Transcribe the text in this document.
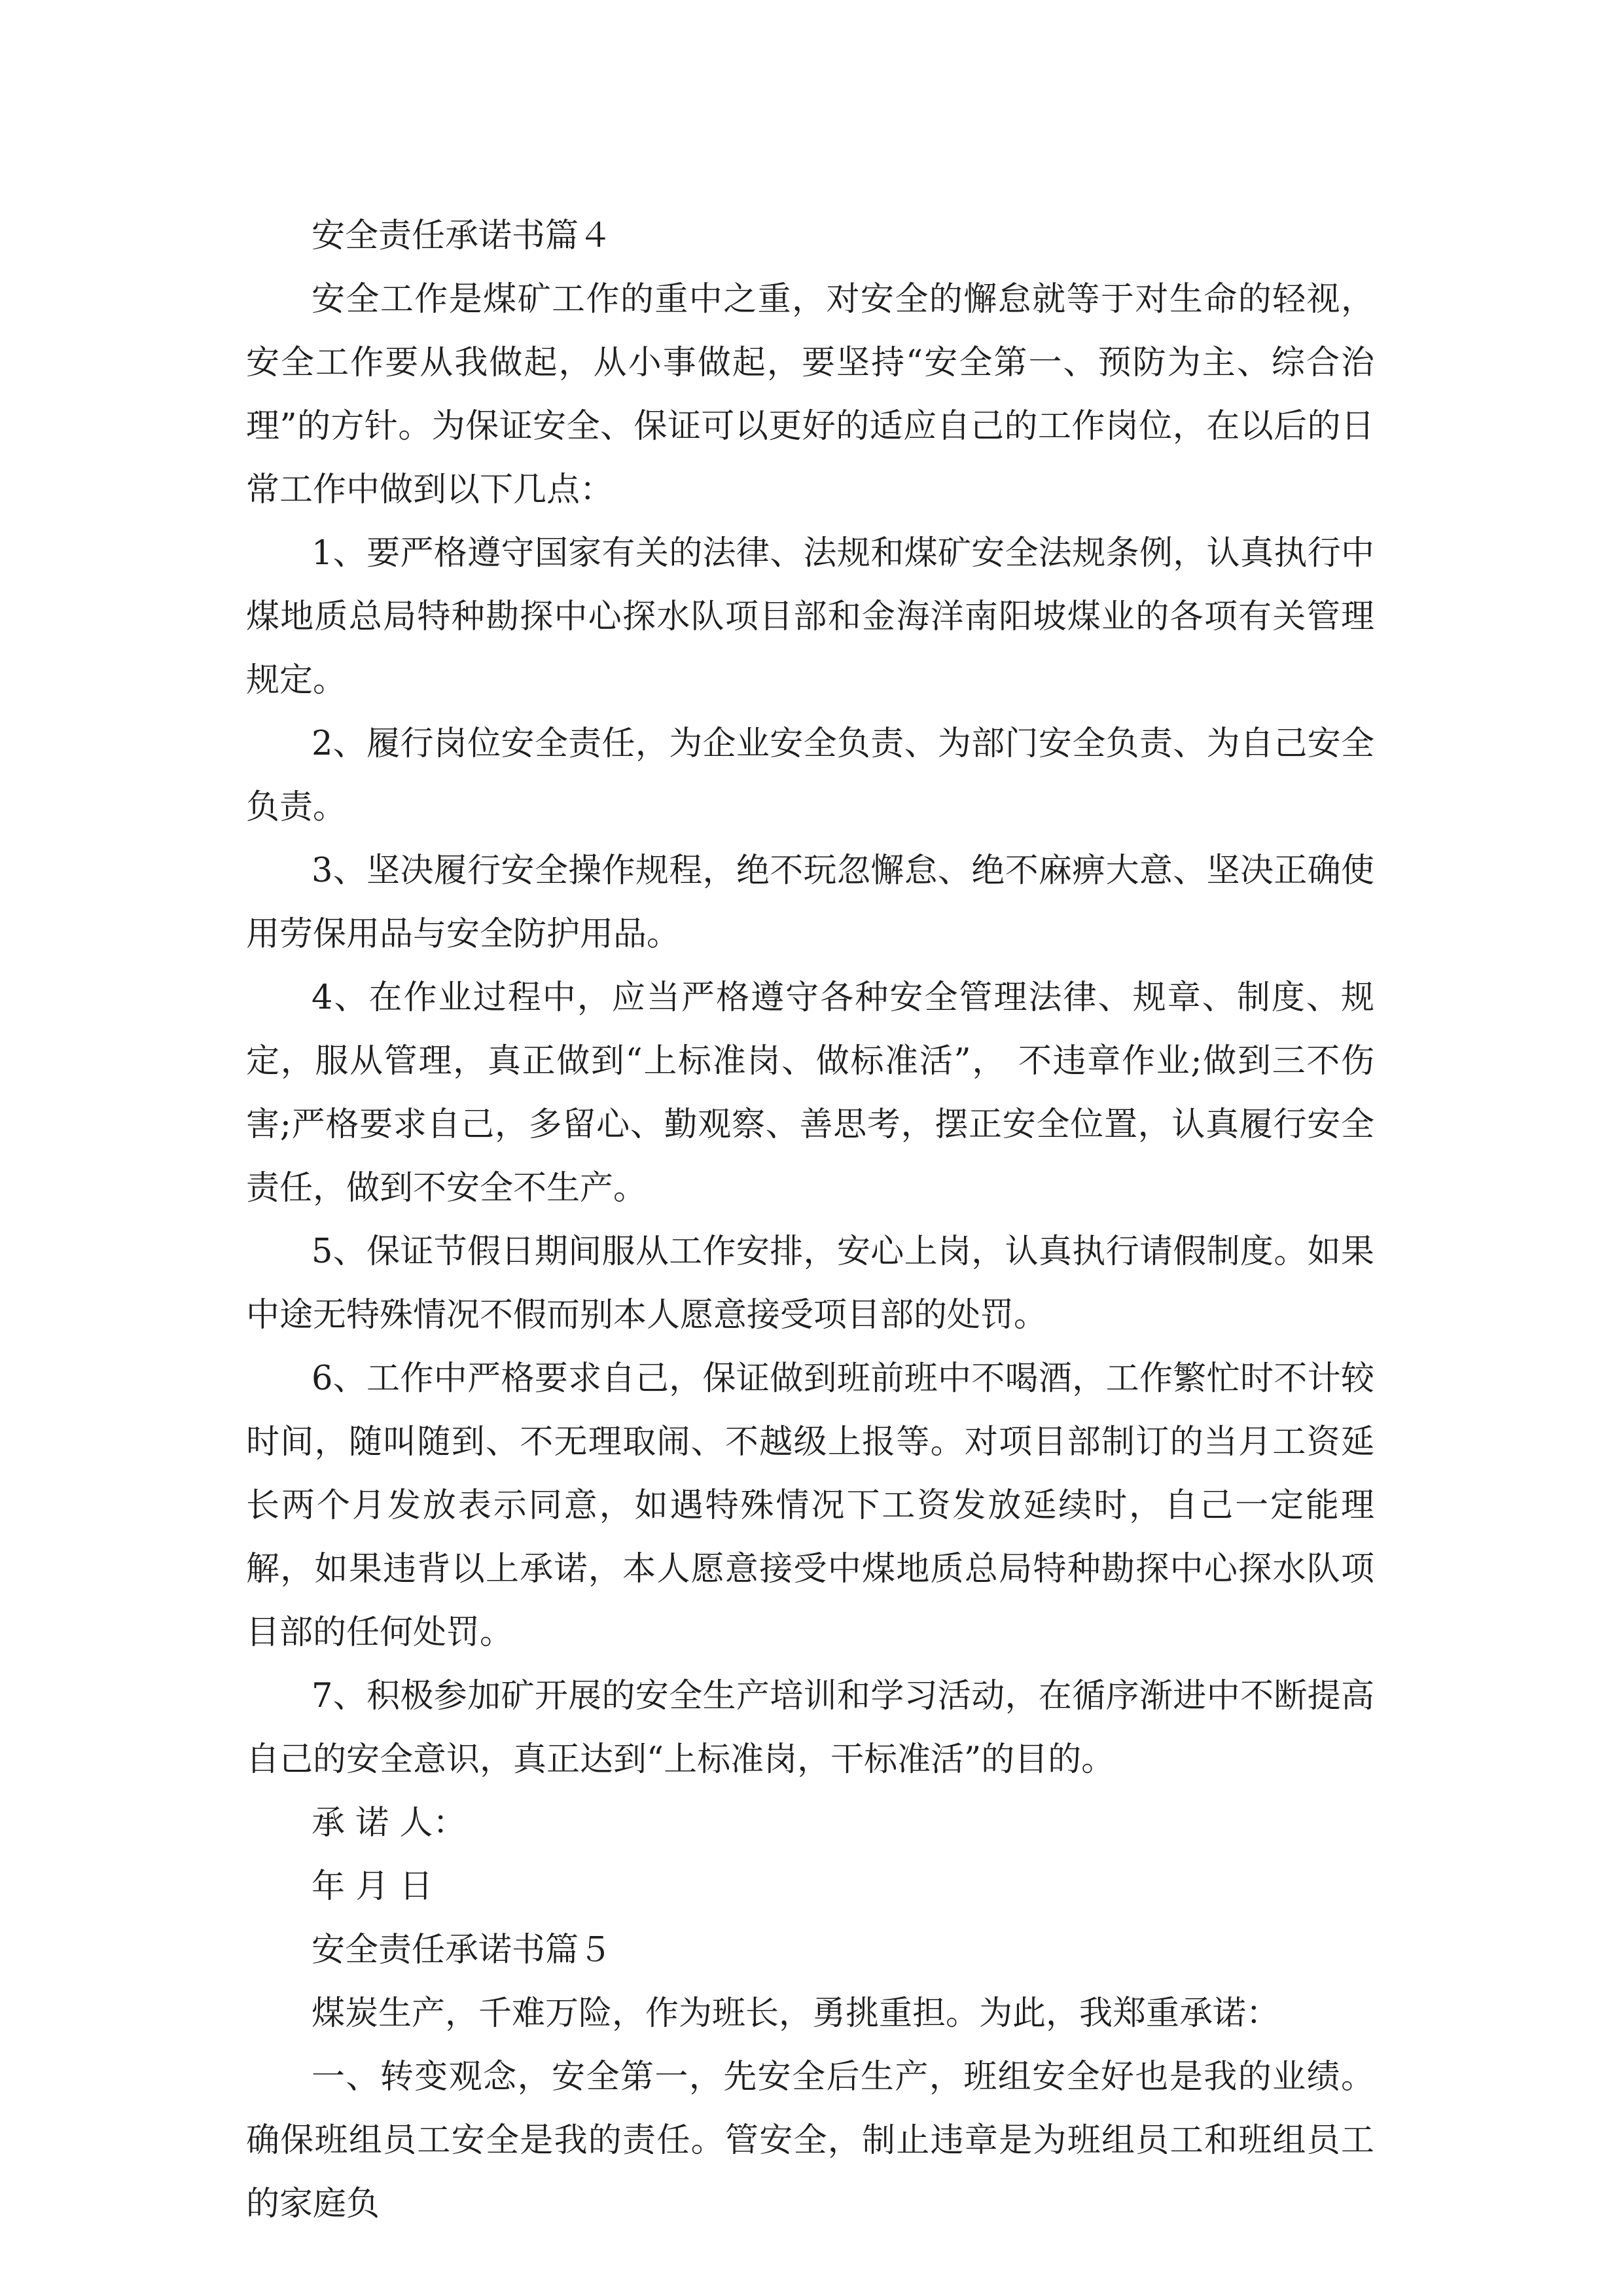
安全责任承诺书篇４

安全工作是煤矿工作的重中之重，对安全的懈怠就等于对生命的轻视，安全工作要从我做起，从小事做起，要坚持“安全第一、预防为主、综合治理”的方针。为保证安全、保证可以更好的适应自己的工作岗位，在以后的日常工作中做到以下几点：

1、要严格遵守国家有关的法律、法规和煤矿安全法规条例，认真执行中煤地质总局特种勘探中心探水队项目部和金海洋南阳坡煤业的各项有关管理规定。

2、履行岗位安全责任，为企业安全负责、为部门安全负责、为自己安全负责。

3、坚决履行安全操作规程，绝不玩忽懈怠、绝不麻痹大意、坚决正确使用劳保用品与安全防护用品。

4、在作业过程中，应当严格遵守各种安全管理法律、规章、制度、规定，服从管理，真正做到“上标准岗、做标准活”， 不违章作业;做到三不伤害;严格要求自己，多留心、勤观察、善思考，摆正安全位置，认真履行安全责任，做到不安全不生产。

5、保证节假日期间服从工作安排，安心上岗，认真执行请假制度。如果中途无特殊情况不假而别本人愿意接受项目部的处罚。

6、工作中严格要求自己，保证做到班前班中不喝酒，工作繁忙时不计较时间，随叫随到、不无理取闹、不越级上报等。对项目部制订的当月工资延长两个月发放表示同意，如遇特殊情况下工资发放延续时，自己一定能理解，如果违背以上承诺，本人愿意接受中煤地质总局特种勘探中心探水队项目部的任何处罚。

7、积极参加矿开展的安全生产培训和学习活动，在循序渐进中不断提高自己的安全意识，真正达到“上标准岗，干标准活”的目的。

承 诺 人：

年 月 日

安全责任承诺书篇５

煤炭生产，千难万险，作为班长，勇挑重担。为此，我郑重承诺：

一、转变观念，安全第一，先安全后生产，班组安全好也是我的业绩。确保班组员工安全是我的责任。管安全，制止违章是为班组员工和班组员工的家庭负
